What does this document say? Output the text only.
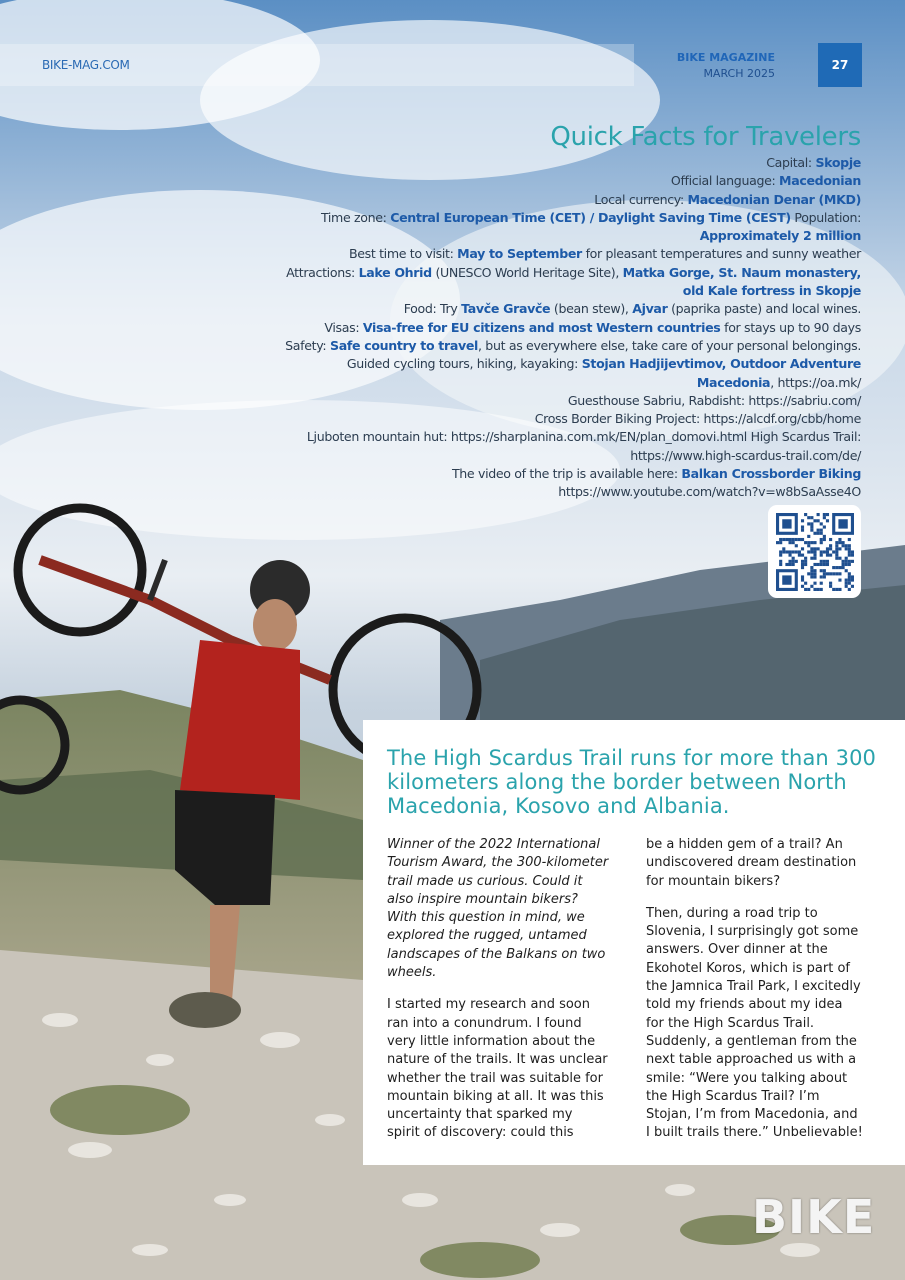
BIKE-MAG.COM
BIKE MAGAZINE
MARCH 2025
27
Quick Facts for Travelers

Capital: Skopje

Official language: Macedonian

Local currency: Macedonian Denar (MKD)

Time zone: Central European Time (CET) / Daylight Saving Time (CEST) Population: Approximately 2 million

Best time to visit: May to September for pleasant temperatures and sunny weather

Attractions: Lake Ohrid (UNESCO World Heritage Site), Matka Gorge, St. Naum monastery, old Kale fortress in Skopje

Food: Try Tavče Gravče (bean stew), Ajvar (paprika paste) and local wines.

Visas: Visa-free for EU citizens and most Western countries for stays up to 90 days

Safety: Safe country to travel, but as everywhere else, take care of your personal belongings.

Guided cycling tours, hiking, kayaking: Stojan Hadjijevtimov, Outdoor Adventure Macedonia, https://oa.mk/

Guesthouse Sabriu, Rabdisht: https://sabriu.com/

Cross Border Biking Project: https://alcdf.org/cbb/home

Ljuboten mountain hut: https://sharplanina.com.mk/EN/plan_domovi.html High Scardus Trail: https://www.high-scardus-trail.com/de/

The video of the trip is available here: Balkan Crossborder Biking

https://www.youtube.com/watch?v=w8bSaAsse4O

The High Scardus Trail runs for more than 300 kilometers along the border between North Macedonia, Kosovo and Albania.

Winner of the 2022 International Tourism Award, the 300-kilometer trail made us curious. Could it also inspire mountain bikers? With this question in mind, we explored the rugged, untamed landscapes of the Balkans on two wheels.

I started my research and soon ran into a conundrum. I found very little information about the nature of the trails. It was unclear whether the trail was suitable for mountain biking at all. It was this uncertainty that sparked my spirit of discovery: could this

be a hidden gem of a trail? An undiscovered dream destination for mountain bikers?

Then, during a road trip to Slovenia, I surprisingly got some answers. Over dinner at the Ekohotel Koros, which is part of the Jamnica Trail Park, I excitedly told my friends about my idea for the High Scardus Trail. Suddenly, a gentleman from the next table approached us with a smile: “Were you talking about the High Scardus Trail? I’m Stojan, I’m from Macedonia, and I built trails there.” Unbelievable!

BIKE
